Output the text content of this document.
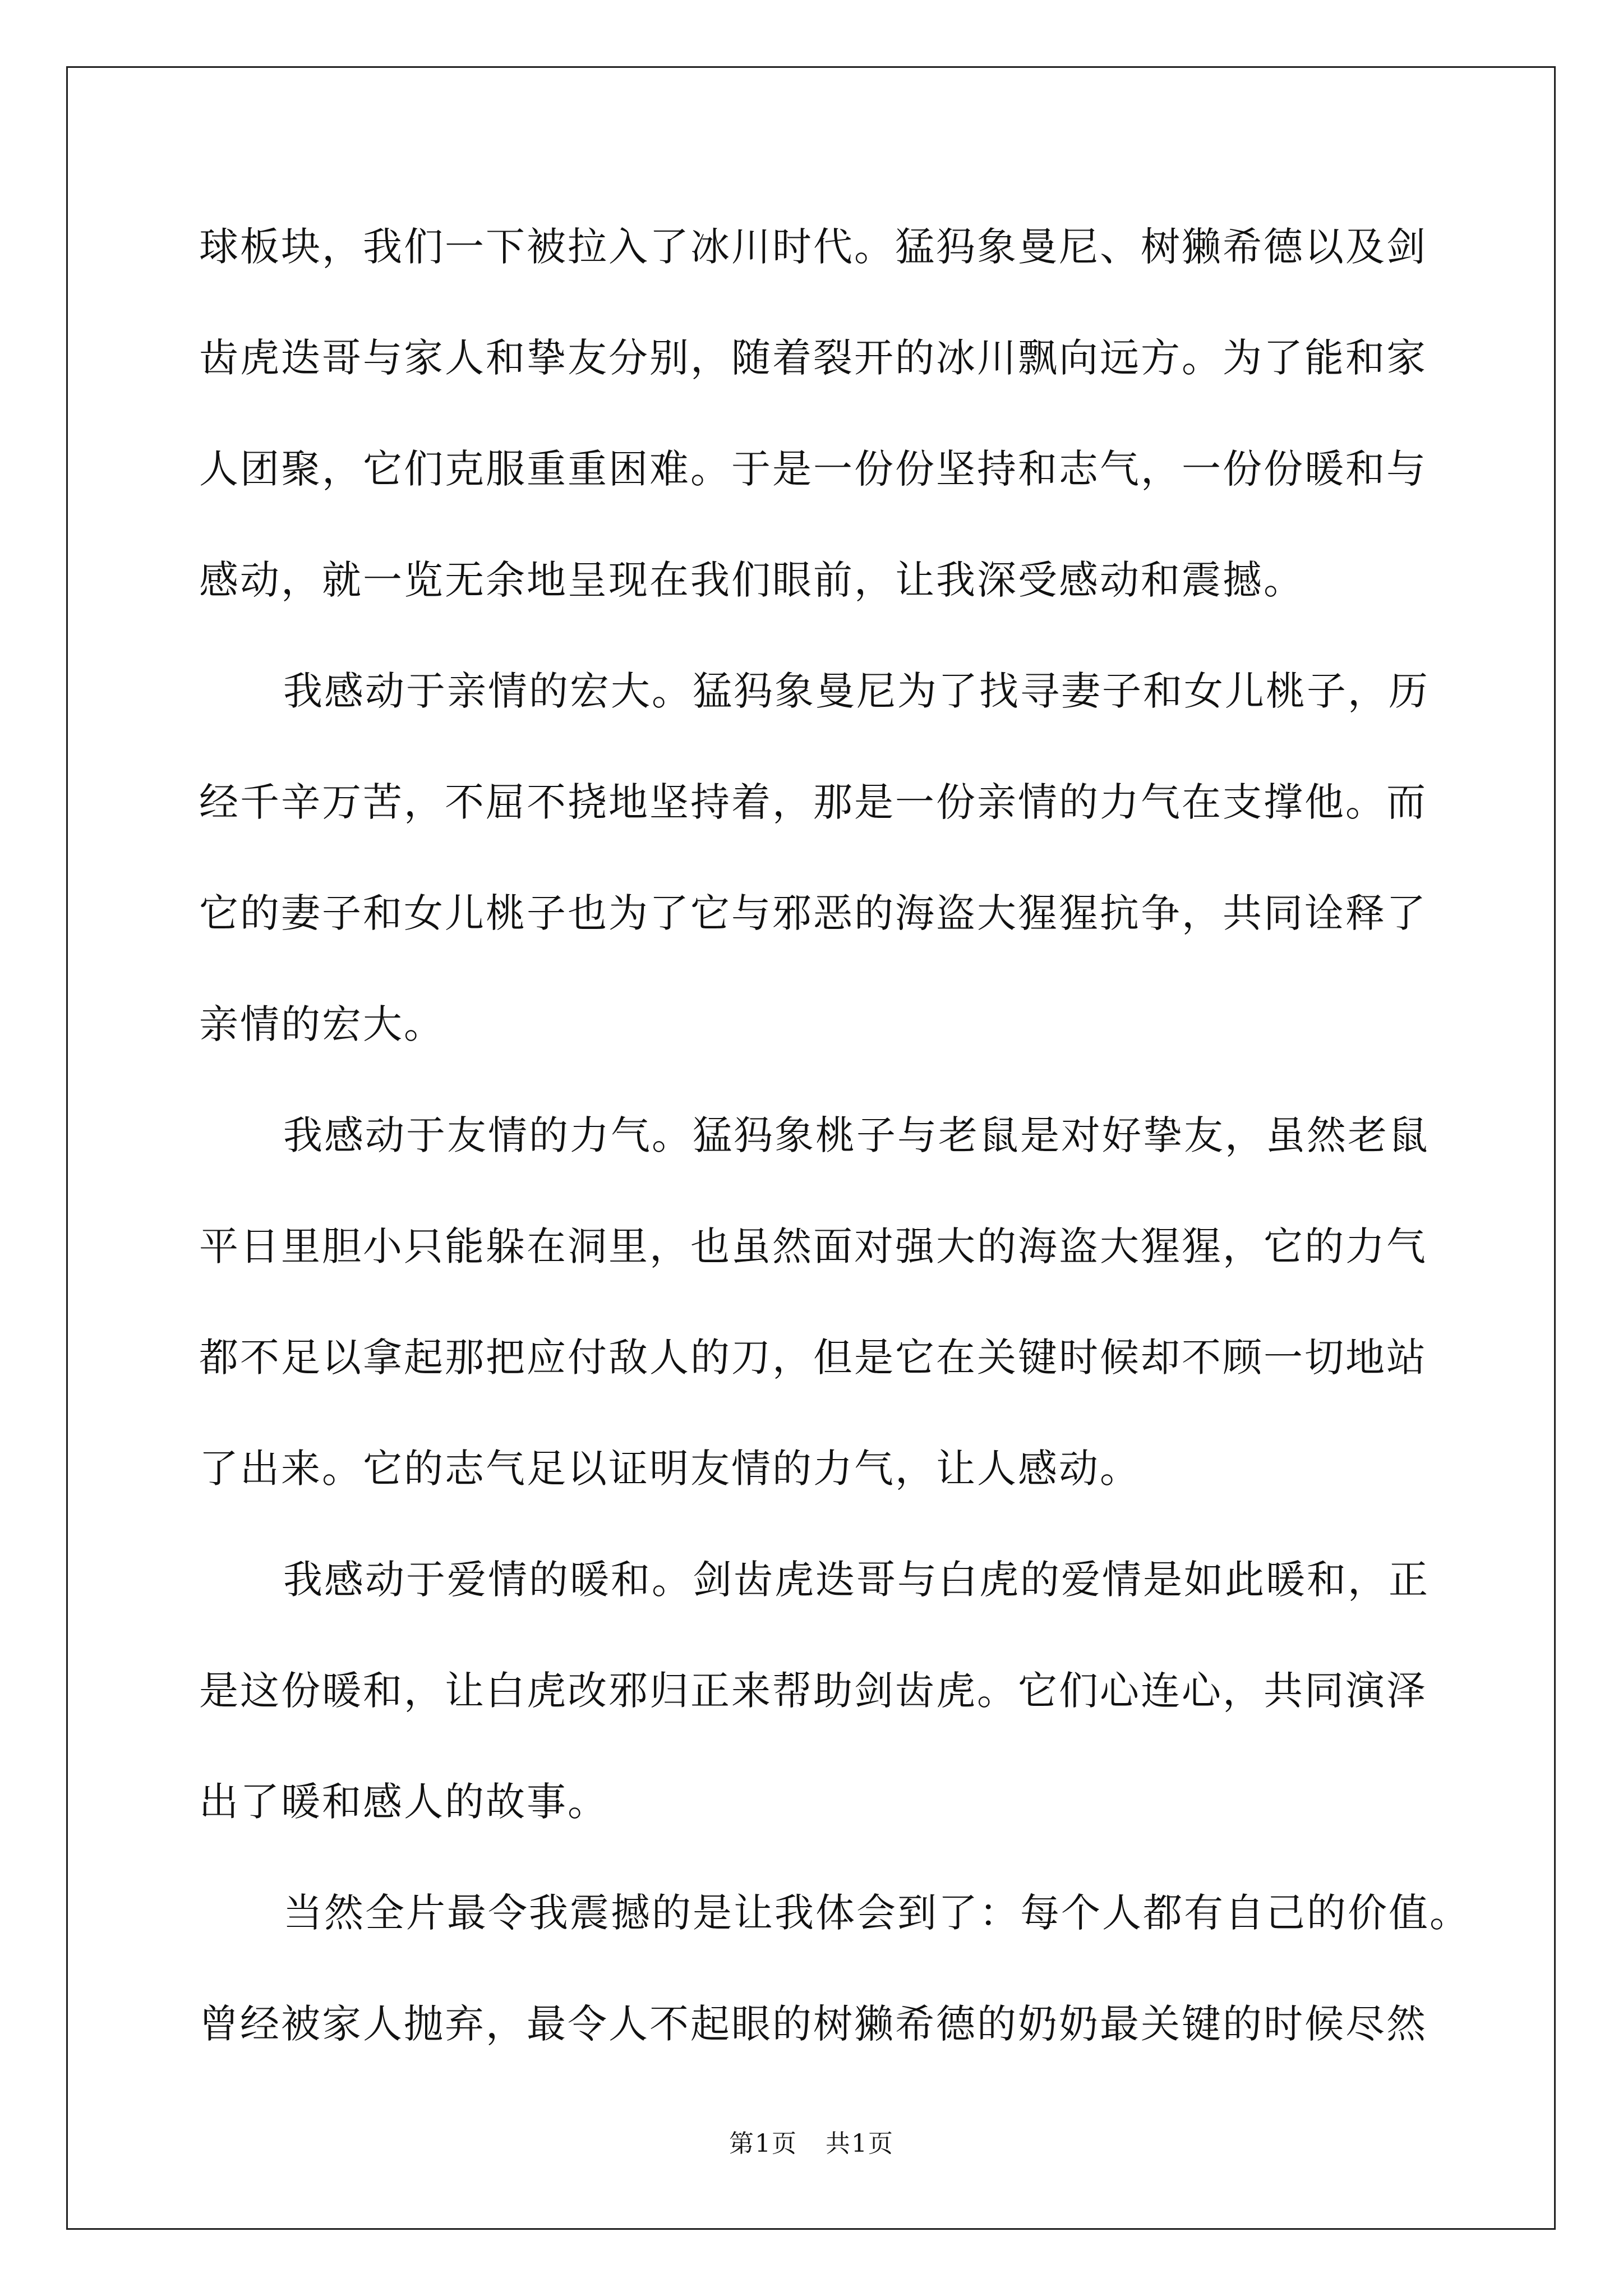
球板块，我们一下被拉入了冰川时代。猛犸象曼尼、树獭希德以及剑
齿虎迭哥与家人和挚友分别，随着裂开的冰川飘向远方。为了能和家
人团聚，它们克服重重困难。于是一份份坚持和志气，一份份暖和与
感动，就一览无余地呈现在我们眼前，让我深受感动和震撼。
我感动于亲情的宏大。猛犸象曼尼为了找寻妻子和女儿桃子，历
经千辛万苦，不屈不挠地坚持着，那是一份亲情的力气在支撑他。而
它的妻子和女儿桃子也为了它与邪恶的海盗大猩猩抗争，共同诠释了
亲情的宏大。
我感动于友情的力气。猛犸象桃子与老鼠是对好挚友，虽然老鼠
平日里胆小只能躲在洞里，也虽然面对强大的海盗大猩猩，它的力气
都不足以拿起那把应付敌人的刀，但是它在关键时候却不顾一切地站
了出来。它的志气足以证明友情的力气，让人感动。
我感动于爱情的暖和。剑齿虎迭哥与白虎的爱情是如此暖和，正
是这份暖和，让白虎改邪归正来帮助剑齿虎。它们心连心，共同演泽
出了暖和感人的故事。
当然全片最令我震撼的是让我体会到了：每个人都有自己的价值。
曾经被家人抛弃，最令人不起眼的树獭希德的奶奶最关键的时候尽然
第1页 共1页
